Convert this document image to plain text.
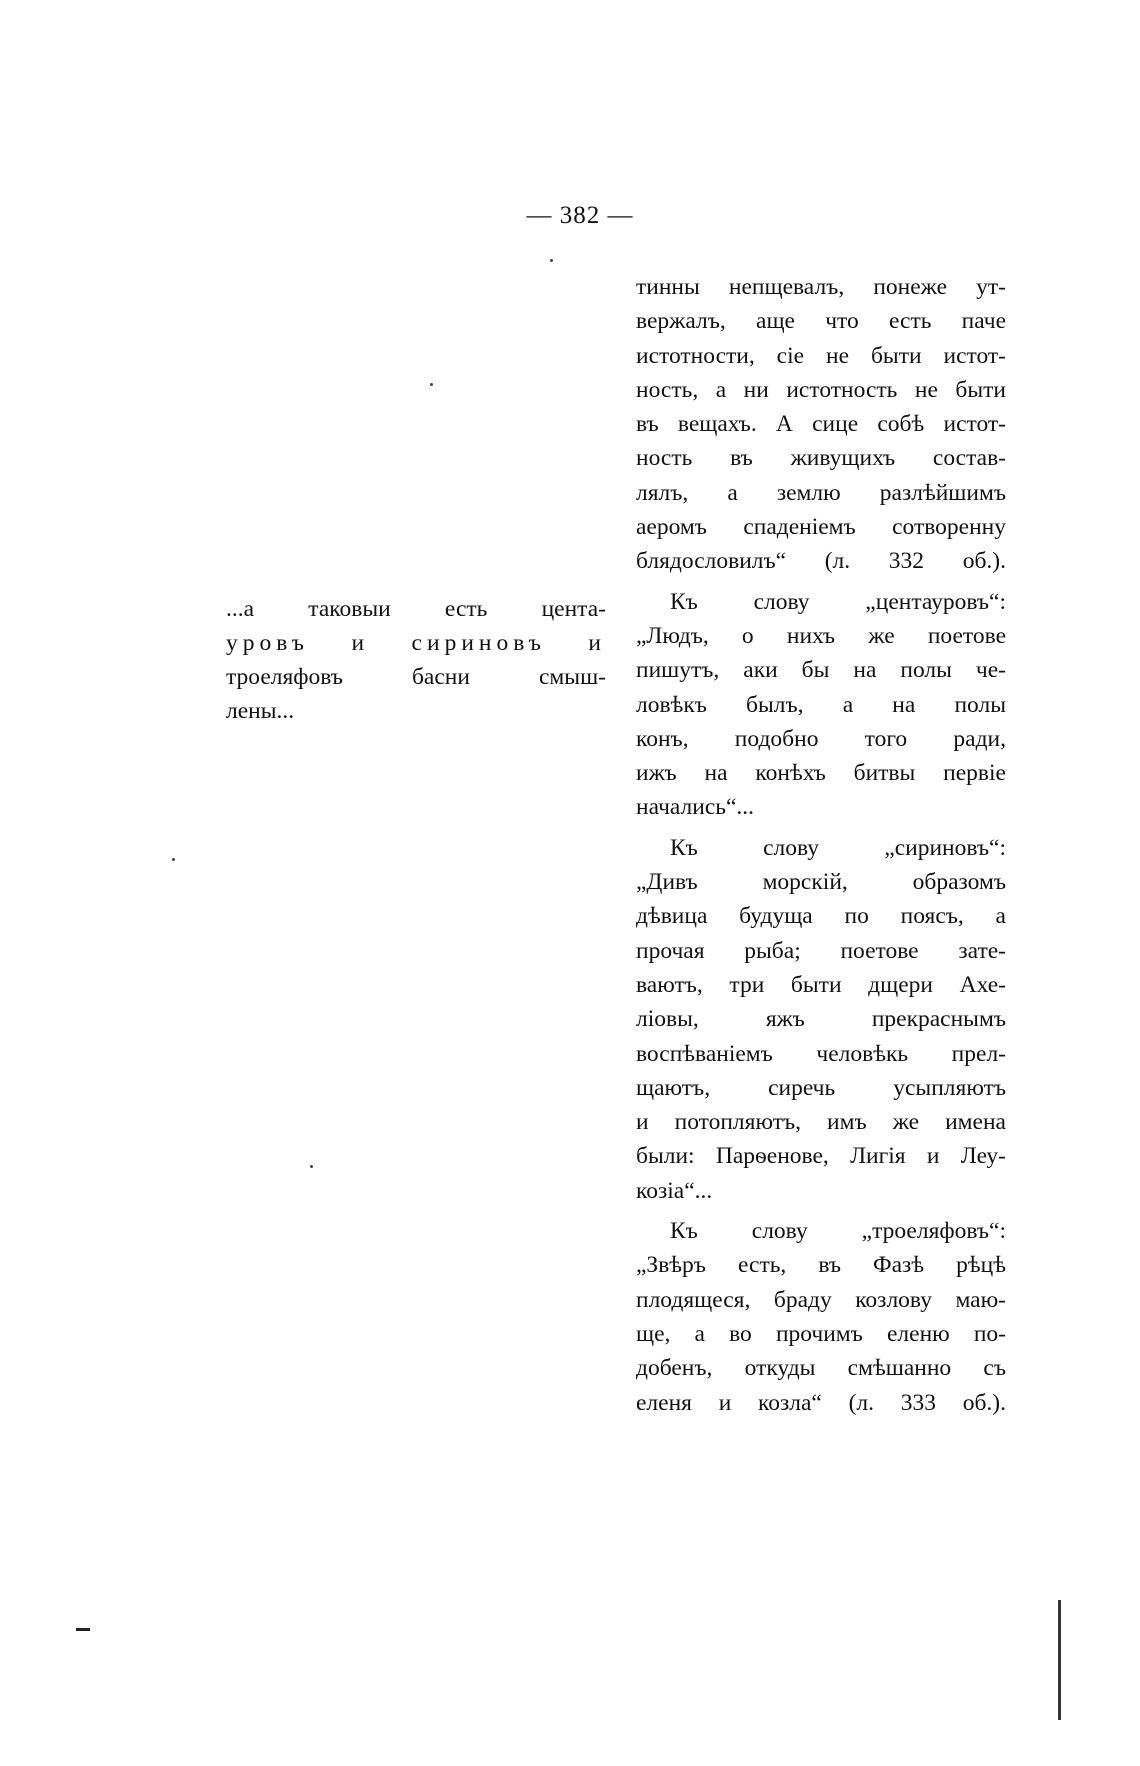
— 382 —
...а таковыи есть цента-
уровъ и сириновъ и
троеляфовъ басни смыш-
лены...

тинны непщевалъ, понеже ут-
вержалъ, аще что есть паче
истотности, сіе не быти истот-
ность, а ни истотность не быти
въ вещахъ. А сице собѣ истот-
ность въ живущихъ состав-
лялъ, а землю разлѣйшимъ
аеромъ спаденіемъ сотворенну
блядословилъ“ (л. 332 об.).

Къ слову „центауровъ“:
„Людъ, о нихъ же поетове
пишутъ, аки бы на полы че-
ловѣкъ былъ, а на полы
конъ, подобно того ради,
ижъ на конѣхъ битвы первіе
начались“...

Къ слову „сириновъ“:
„Дивъ морскій, образомъ
дѣвица будуща по поясъ, а
прочая рыба; поетове зате-
ваютъ, три быти дщери Ахе-
ліовы, яжъ прекраснымъ
воспѣваніемъ человѣкь прел-
щаютъ, сиречь усыпляютъ
и потопляютъ, имъ же имена
были: Парѳенове, Лигія и Леу-
козіа“...

Къ слову „троеляфовъ“:
„Звѣръ есть, въ Фазѣ рѣцѣ
плодящеся, браду козлову маю-
ще, а во прочимъ еленю по-
добенъ, откуды смѣшанно съ
еленя и козла“ (л. 333 об.).
